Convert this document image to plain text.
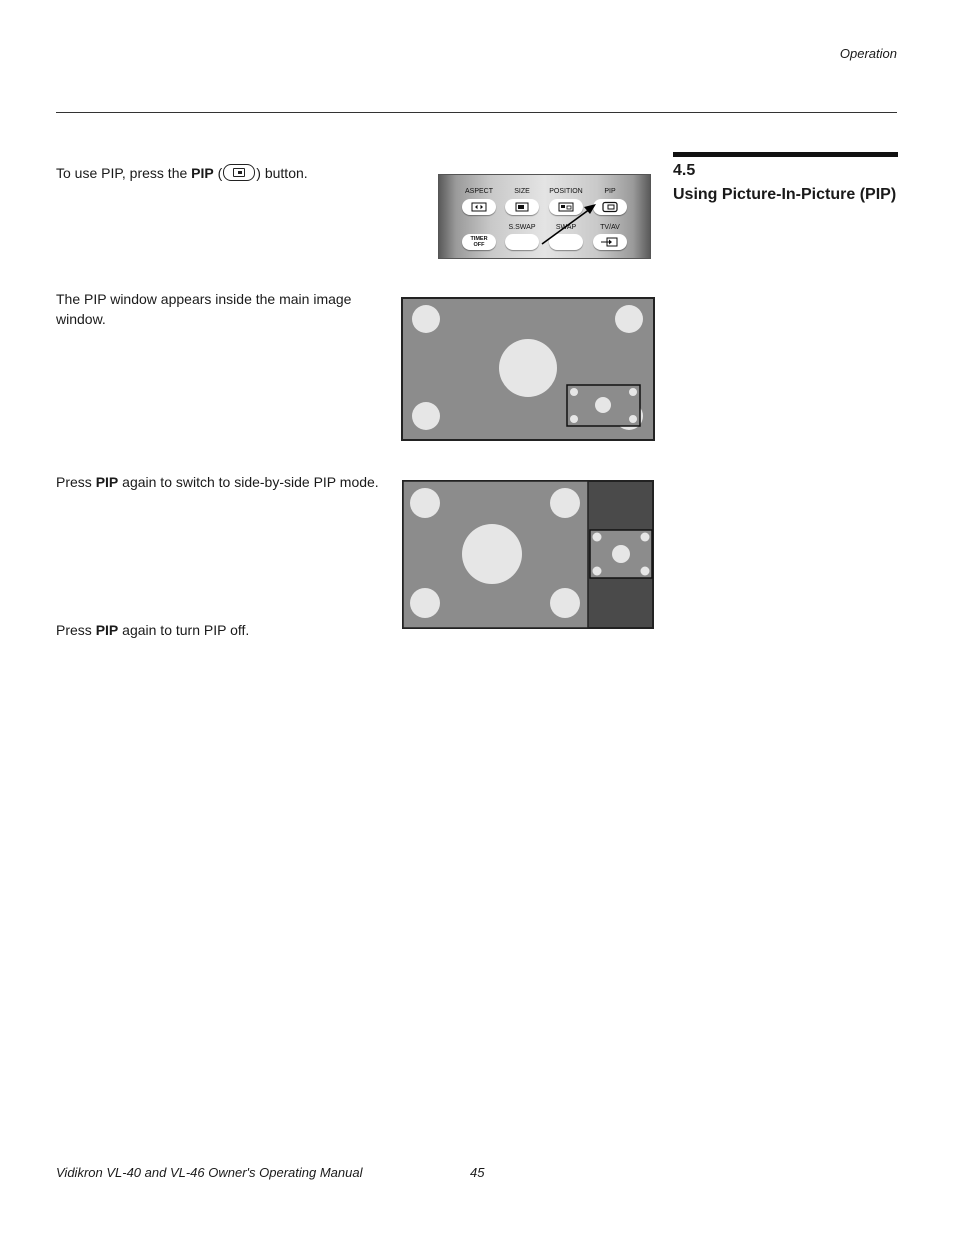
Operation
To use PIP, press the PIP ( ) button.
The PIP window appears inside the main image window.
Press PIP again to switch to side-by-side PIP mode.
Press PIP again to turn PIP off.
4.5
Using Picture-In-Picture (PIP)
ASPECT	SIZE	POSITION	PIP
S.SWAP	SWAP	TV/AV
TIMER
OFF
Vidikron VL-40 and VL-46 Owner's Operating Manual	45
